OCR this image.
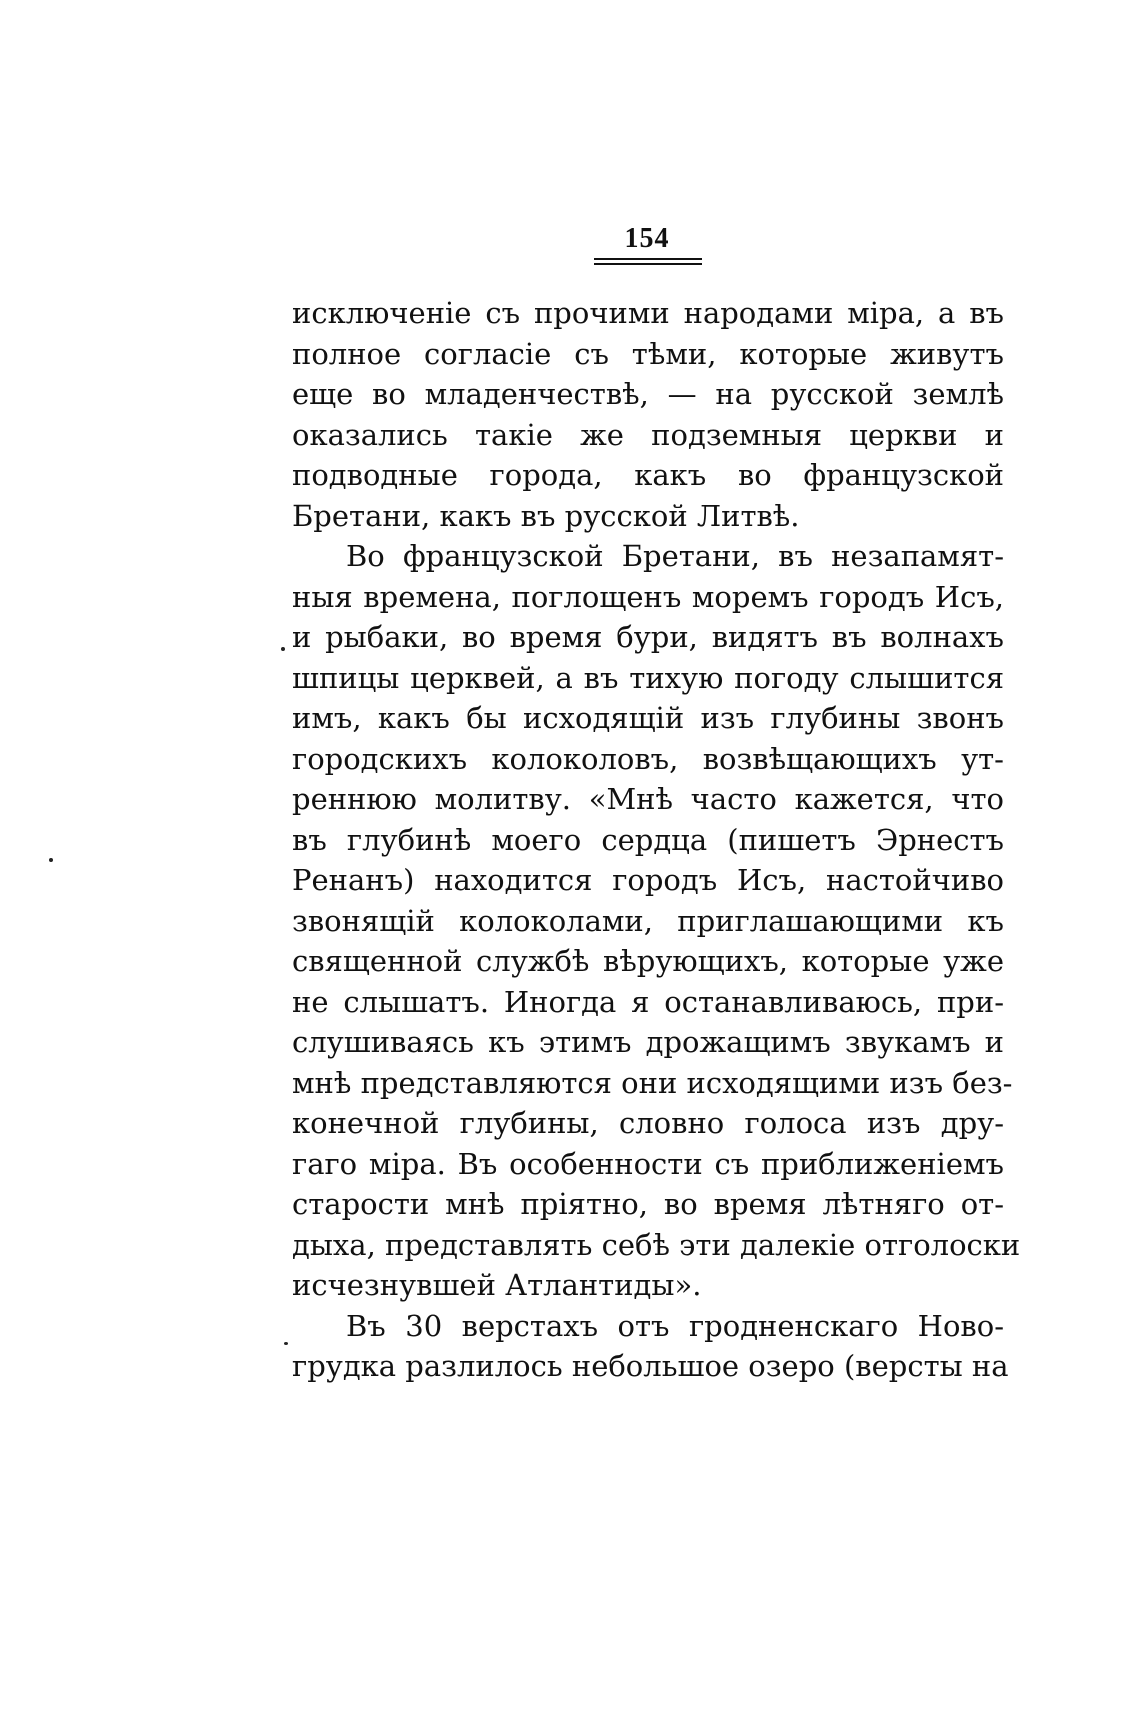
154
исключеніе съ прочими народами міра, а въ
полное согласіе съ тѣми, которые живутъ
еще во младенчествѣ, — на русской землѣ
оказались такіе же подземныя церкви и
подводные города, какъ во французской
Бретани, какъ въ русской Литвѣ.
Во французской Бретани, въ незапамят-
ныя времена, поглощенъ моремъ городъ Исъ,
и рыбаки, во время бури, видятъ въ волнахъ
шпицы церквей, а въ тихую погоду слышится
имъ, какъ бы исходящій изъ глубины звонъ
городскихъ колоколовъ, возвѣщающихъ ут-
реннюю молитву. «Мнѣ часто кажется, что
въ глубинѣ моего сердца (пишетъ Эрнестъ
Ренанъ) находится городъ Исъ, настойчиво
звонящій колоколами, приглашающими къ
священной службѣ вѣрующихъ, которые уже
не слышатъ. Иногда я останавливаюсь, при-
слушиваясь къ этимъ дрожащимъ звукамъ и
мнѣ представляются они исходящими изъ без-
конечной глубины, словно голоса изъ дру-
гаго міра. Въ особенности съ приближеніемъ
старости мнѣ пріятно, во время лѣтняго от-
дыха, представлять себѣ эти далекіе отголоски
исчезнувшей Атлантиды».
Въ 30 верстахъ отъ гродненскаго Ново-
грудка разлилось небольшое озеро (версты на
